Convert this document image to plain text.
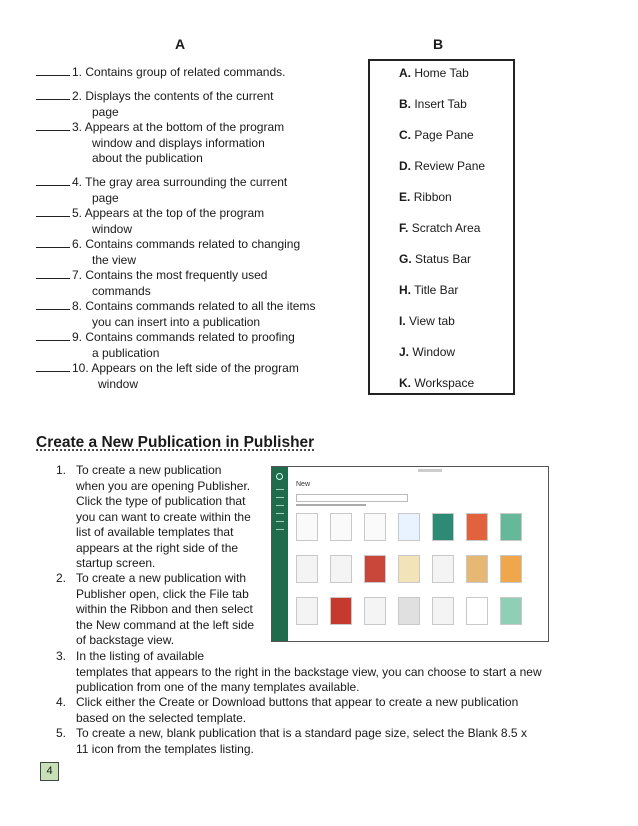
A	B
1. Contains group of related commands.
2. Displays the contents of the current
page
3. Appears at the bottom of the program
window and displays information
about the publication
4. The gray area surrounding the current
page
5. Appears at the top of the program
window
6. Contains commands related to changing
the view
7. Contains the most frequently used
commands
8. Contains commands related to all the items
you can insert into a publication
9. Contains commands related to proofing
a publication
10. Appears on the left side of the program
window
A. Home Tab
B. Insert Tab
C. Page Pane
D. Review Pane
E. Ribbon
F. Scratch Area
G. Status Bar
H. Title Bar
I. View tab
J. Window
K. Workspace
Create a New Publication in Publisher
1. To create a new publication
when you are opening Publisher.
Click the type of publication that
you can want to create within the
list of available templates that
appears at the right side of the
startup screen.
2. To create a new publication with
Publisher open, click the File tab
within the Ribbon and then select
the New command at the left side
of backstage view.
3. In the listing of available
templates that appears to the right in the backstage view, you can choose to start a new
publication from one of the many templates available.
4. Click either the Create or Download buttons that appear to create a new publication
based on the selected template.
5. To create a new, blank publication that is a standard page size, select the Blank 8.5 x
11 icon from the templates listing.
New
4
